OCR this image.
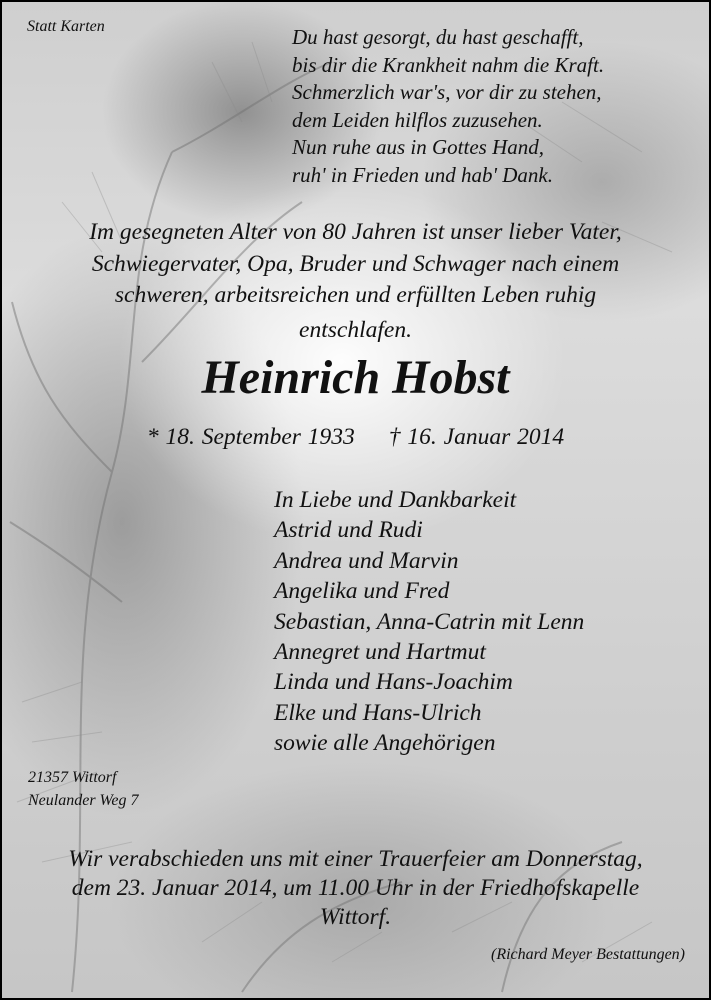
Statt Karten	Du hast gesorgt, du hast geschafft,
bis dir die Krankheit nahm die Kraft.
Schmerzlich war's, vor dir zu stehen,
dem Leiden hilflos zuzusehen.
Nun ruhe aus in Gottes Hand,
ruh' in Frieden und hab' Dank.
Im gesegneten Alter von 80 Jahren ist unser lieber Vater,
Schwiegervater, Opa, Bruder und Schwager nach einem
schweren, arbeitsreichen und erfüllten Leben ruhig
entschlafen.
Heinrich Hobst
* 18. September 1933 † 16. Januar 2014
In Liebe und Dankbarkeit
Astrid und Rudi
Andrea und Marvin
Angelika und Fred
Sebastian, Anna-Catrin mit Lenn
Annegret und Hartmut
Linda und Hans-Joachim
Elke und Hans-Ulrich
sowie alle Angehörigen
21357 Wittorf
Neulander Weg 7
Wir verabschieden uns mit einer Trauerfeier am Donnerstag,
dem 23. Januar 2014, um 11.00 Uhr in der Friedhofskapelle
Wittorf.
(Richard Meyer Bestattungen)
